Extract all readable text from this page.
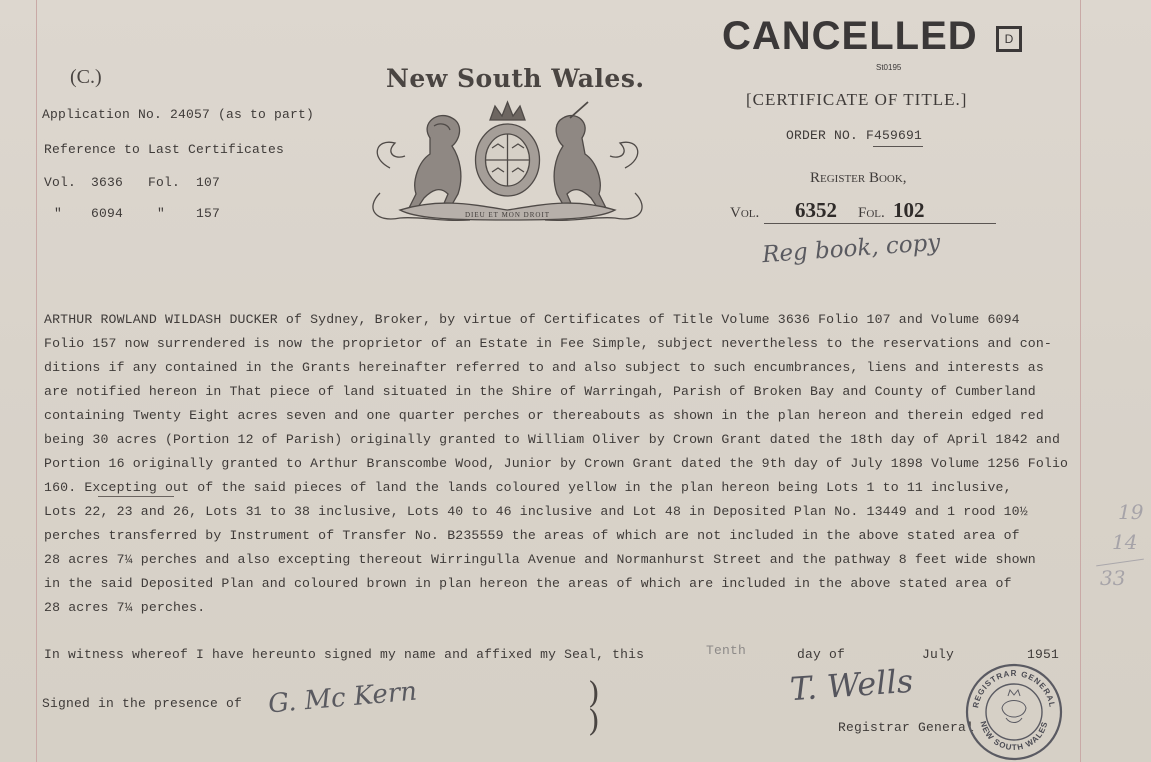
CANCELLED	D
St0195
(C.)
Application No. 24057 (as to part)
Reference to Last Certificates
Vol. 3636 Fol. 107
" 6094	" 157
New South Wales.
DIEU ET MON DROIT
[CERTIFICATE OF TITLE.]
ORDER NO. F459691
Register Book,
Vol. 6352 Fol. 102
Reg book, copy
ARTHUR ROWLAND WILDASH DUCKER of Sydney, Broker, by virtue of Certificates of Title Volume 3636 Folio 107 and Volume 6094
Folio 157 now surrendered is now the proprietor of an Estate in Fee Simple, subject nevertheless to the reservations and con-
ditions if any contained in the Grants hereinafter referred to and also subject to such encumbrances, liens and interests as
are notified hereon in That piece of land situated in the Shire of Warringah, Parish of Broken Bay and County of Cumberland
containing Twenty Eight acres seven and one quarter perches or thereabouts as shown in the plan hereon and therein edged red
being 30 acres (Portion 12 of Parish) originally granted to William Oliver by Crown Grant dated the 18th day of April 1842 and
Portion 16 originally granted to Arthur Branscombe Wood, Junior by Crown Grant dated the 9th day of July 1898 Volume 1256 Folio
160. Excepting out of the said pieces of land the lands coloured yellow in the plan hereon being Lots 1 to 11 inclusive,
Lots 22, 23 and 26, Lots 31 to 38 inclusive, Lots 40 to 46 inclusive and Lot 48 in Deposited Plan No. 13449 and 1 rood 10½
perches transferred by Instrument of Transfer No. B235559 the areas of which are not included in the above stated area of
28 acres 7¼ perches and also excepting thereout Wirringulla Avenue and Normanhurst Street and the pathway 8 feet wide shown
in the said Deposited Plan and coloured brown in plan hereon the areas of which are included in the above stated area of
28 acres 7¼ perches.
19
14
33
In witness whereof I have hereunto signed my name and affixed my Seal, this	Tenth	day of	July	1951
Signed in the presence of G. Mc Kern	)
)
T. Wells
Registrar General
REGISTRAR GENERAL
NEW SOUTH WALES
